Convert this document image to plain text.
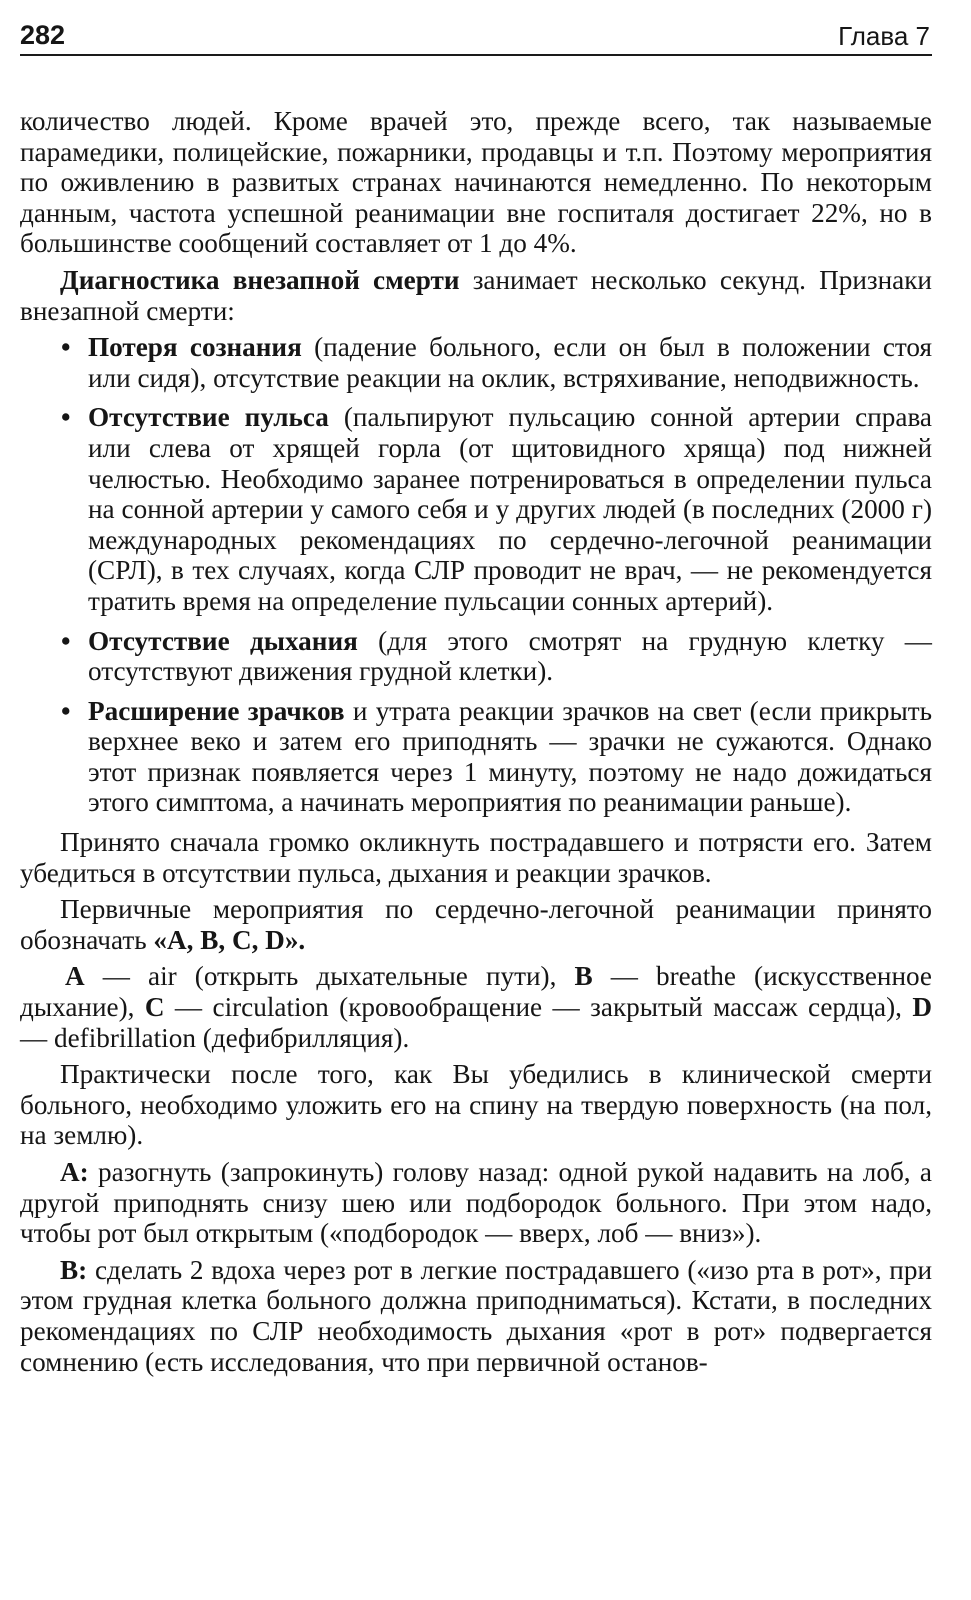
282	Глава 7

количество людей. Кроме врачей это, прежде всего, так называемые парамедики, полицейские, пожарники, продавцы и т.п. Поэтому мероприятия по оживлению в развитых странах начинаются немедленно. По некоторым данным, частота успешной реанимации вне госпиталя достигает 22%, но в большинстве сообщений составляет от 1 до 4%.

Диагностика внезапной смерти занимает несколько секунд. Признаки внезапной смерти:

• Потеря сознания (падение больного, если он был в положении стоя или сидя), отсутствие реакции на оклик, встряхивание, неподвижность.
• Отсутствие пульса (пальпируют пульсацию сонной артерии справа или слева от хрящей горла (от щитовидного хряща) под нижней челюстью. Необходимо заранее потренироваться в определении пульса на сонной артерии у самого себя и у других людей (в последних (2000 г) международных рекомендациях по сердечно-легочной реанимации (СРЛ), в тех случаях, когда СЛР проводит не врач, — не рекомендуется тратить время на определение пульсации сонных артерий).
• Отсутствие дыхания (для этого смотрят на грудную клетку — отсутствуют движения грудной клетки).
• Расширение зрачков и утрата реакции зрачков на свет (если прикрыть верхнее веко и затем его приподнять — зрачки не сужаются. Однако этот признак появляется через 1 минуту, поэтому не надо дожидаться этого симптома, а начинать мероприятия по реанимации раньше).

Принято сначала громко окликнуть пострадавшего и потрясти его. Затем убедиться в отсутствии пульса, дыхания и реакции зрачков.

Первичные мероприятия по сердечно-легочной реанимации принято обозначать «A, B, C, D».

A — air (открыть дыхательные пути), B — breathe (искусственное дыхание), C — circulation (кровообращение — закрытый массаж сердца), D — defibrillation (дефибрилляция).

Практически после того, как Вы убедились в клинической смерти больного, необходимо уложить его на спину на твердую поверхность (на пол, на землю).

A: разогнуть (запрокинуть) голову назад: одной рукой надавить на лоб, а другой приподнять снизу шею или подбородок больного. При этом надо, чтобы рот был открытым («подбородок — вверх, лоб — вниз»).

B: сделать 2 вдоха через рот в легкие пострадавшего («изо рта в рот», при этом грудная клетка больного должна приподниматься). Кстати, в последних рекомендациях по СЛР необходимость дыхания «рот в рот» подвергается сомнению (есть исследования, что при первичной останов-
